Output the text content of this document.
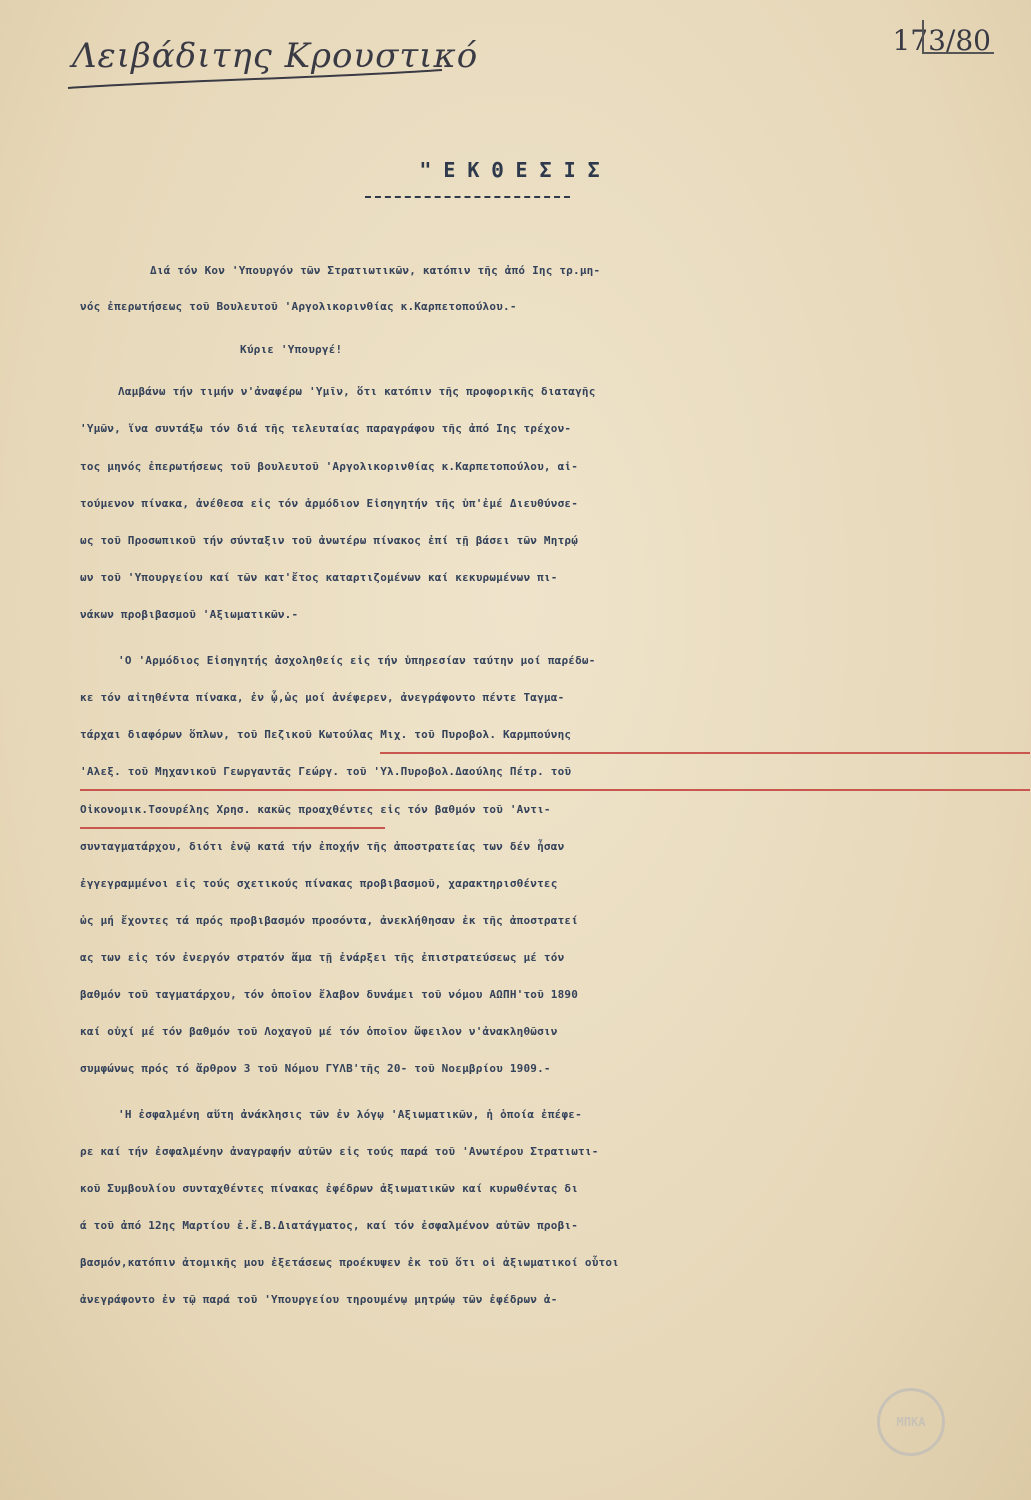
Λειβάδιτης Κρουστικό	173/80
"ΕΚΘΕΣΙΣ
Διά τόν Κον 'Υπουργόν τῶν Στρατιωτικῶν, κατόπιν τῆς ἀπό Ιης τρ.μη-
νός ἐπερωτήσεως τοῦ Βουλευτοῦ 'Αργολικορινθίας κ.Καρπετοπούλου.-
Κύριε 'Υπουργέ!
Λαμβάνω τήν τιμήν ν'ἀναφέρω 'Υμῖν, ὅτι κατόπιν τῆς προφορικῆς διαταγῆς
'Υμῶν, ἵνα συντάξω τόν διά τῆς τελευταίας παραγράφου τῆς ἀπό Ιης τρέχον-
τος μηνός ἐπερωτήσεως τοῦ βουλευτοῦ 'Αργολικορινθίας κ.Καρπετοπούλου, αἰ-
τούμενον πίνακα, ἀνέθεσα εἰς τόν ἁρμόδιον Εἰσηγητήν τῆς ὑπ'ἐμέ Διευθύνσε-
ως τοῦ Προσωπικοῦ τήν σύνταξιν τοῦ ἀνωτέρω πίνακος ἐπί τῇ βάσει τῶν Μητρῴ
ων τοῦ 'Υπουργείου καί τῶν κατ'ἔτος καταρτιζομένων καί κεκυρωμένων πι-
νάκων προβιβασμοῦ 'Αξιωματικῶν.-
'Ο 'Αρμόδιος Εἰσηγητής ἀσχοληθείς εἰς τήν ὑπηρεσίαν ταύτην μοί παρέδω-
κε τόν αἰτηθέντα πίνακα, ἐν ᾧ,ὡς μοί ἀνέφερεν, ἀνεγράφοντο πέντε Ταγμα-
τάρχαι διαφόρων ὅπλων, τοῦ Πεζικοῦ Κωτούλας Μιχ. τοῦ Πυροβολ. Καρμπούνης
'Αλεξ. τοῦ Μηχανικοῦ Γεωργαντᾶς Γεώργ. τοῦ 'Υλ.Πυροβολ.Δαούλης Πέτρ. τοῦ
Οἰκονομικ.Τσουρέλης Χρησ. κακῶς προαχθέντες εἰς τόν βαθμόν τοῦ 'Αντι-
συνταγματάρχου, διότι ἐνῷ κατά τήν ἐποχήν τῆς ἀποστρατείας των δέν ἦσαν
ἐγγεγραμμένοι εἰς τούς σχετικούς πίνακας προβιβασμοῦ, χαρακτηρισθέντες
ὡς μή ἔχοντες τά πρός προβιβασμόν προσόντα, ἀνεκλήθησαν ἐκ τῆς ἀποστρατεί
ας των εἰς τόν ἐνεργόν στρατόν ἅμα τῇ ἐνάρξει τῆς ἐπιστρατεύσεως μέ τόν
βαθμόν τοῦ ταγματάρχου, τόν ὁποῖον ἔλαβον δυνάμει τοῦ νόμου ΑΩΠΗ'τοῦ 1890
καί οὐχί μέ τόν βαθμόν τοῦ Λοχαγοῦ μέ τόν ὁποῖον ὤφειλον ν'ἀνακληθῶσιν
συμφώνως πρός τό ἄρθρον 3 τοῦ Νόμου ΓΥΛΒ'τῆς 20- τοῦ Νοεμβρίου 1909.-
'Η ἐσφαλμένη αὕτη ἀνάκλησις τῶν ἐν λόγῳ 'Αξιωματικῶν, ἡ ὁποία ἐπέφε-
ρε καί τήν ἐσφαλμένην ἀναγραφήν αὐτῶν εἰς τούς παρά τοῦ 'Ανωτέρου Στρατιωτι-
κοῦ Συμβουλίου συνταχθέντες πίνακας ἐφέδρων ἀξιωματικῶν καί κυρωθέντας δι
ά τοῦ ἀπό 12ης Μαρτίου ἐ.ἔ.Β.Διατάγματος, καί τόν ἐσφαλμένον αὐτῶν προβι-
βασμόν,κατόπιν ἀτομικῆς μου ἐξετάσεως προέκυψεν ἐκ τοῦ ὅτι οἱ ἀξιωματικοί οὗτοι
ἀνεγράφοντο ἐν τῷ παρά τοῦ 'Υπουργείου τηρουμένῳ μητρώῳ τῶν ἐφέδρων ἀ-
ΜΠΚΑ
